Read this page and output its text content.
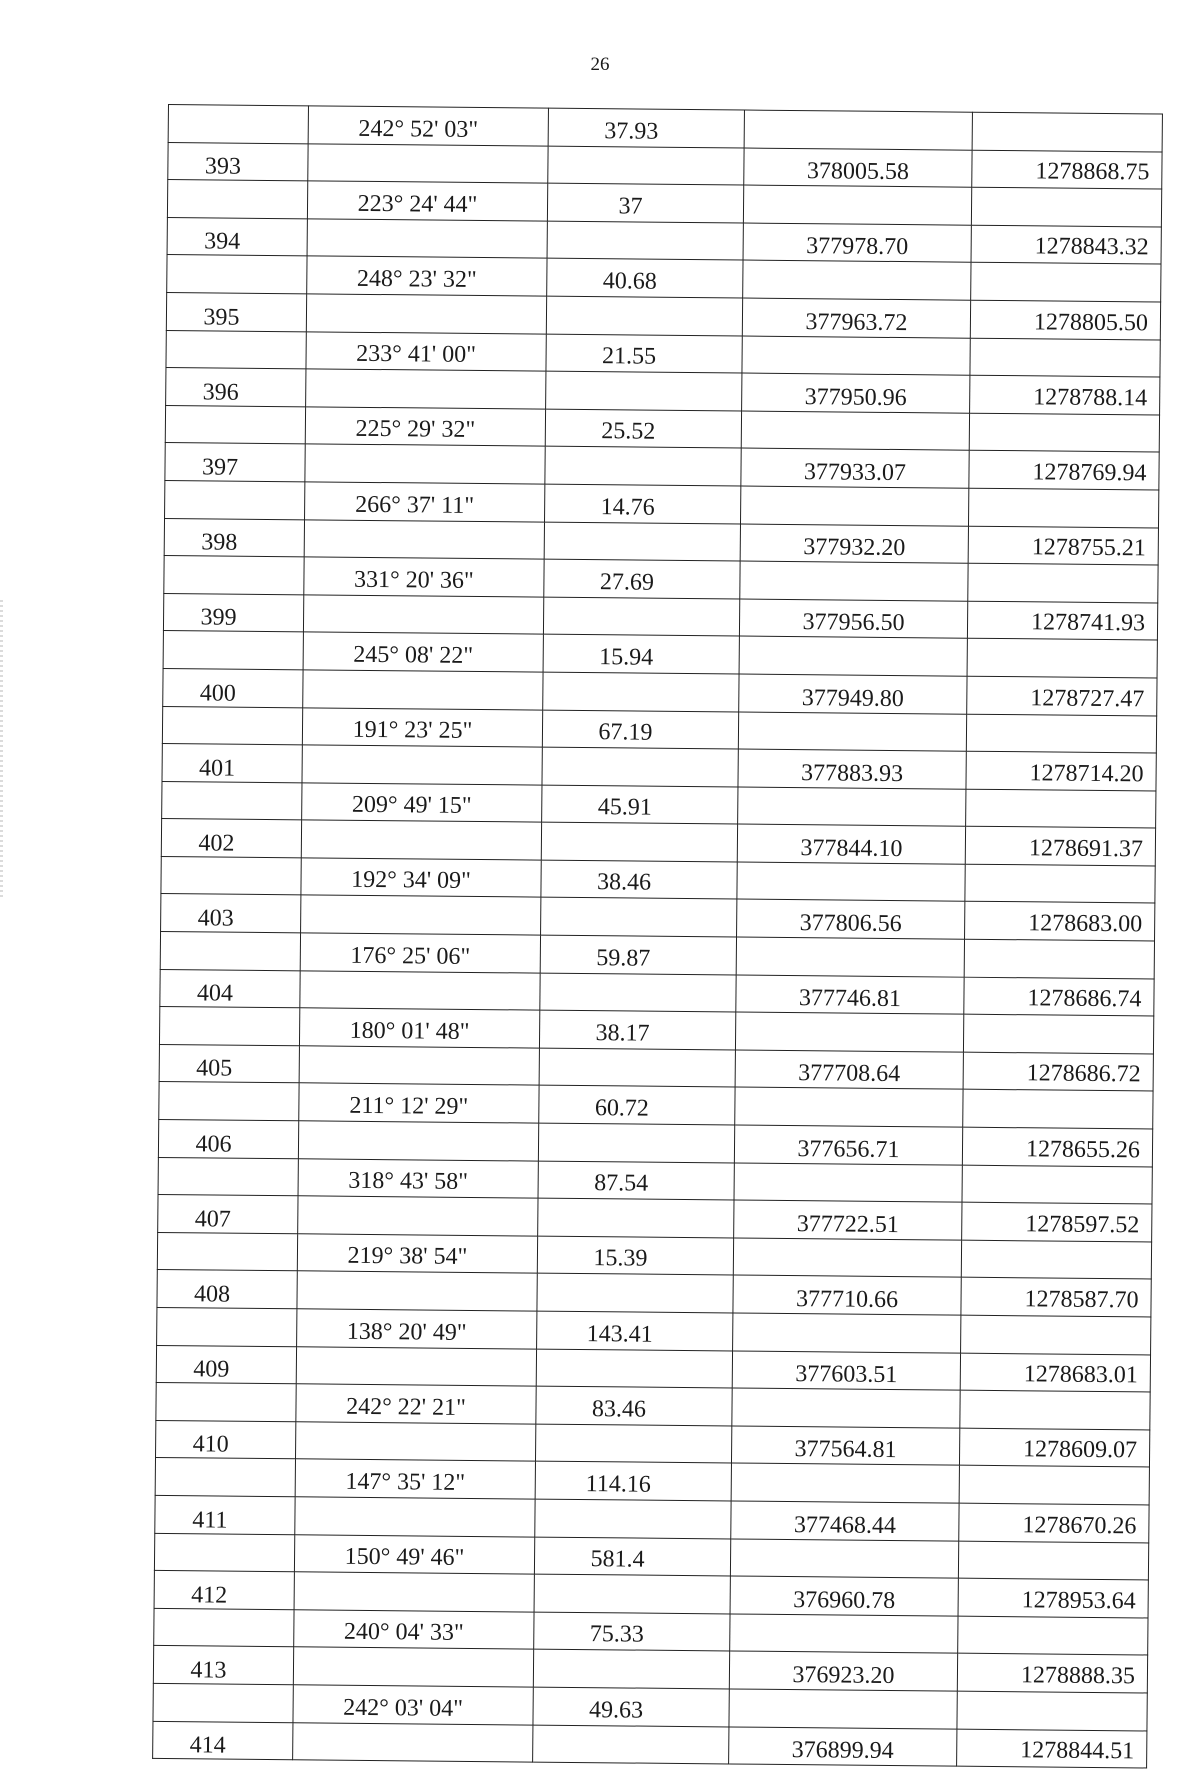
26
	242° 52' 03"	37.93		
393			378005.58	1278868.75
	223° 24' 44"	37		
394			377978.70	1278843.32
	248° 23' 32"	40.68		
395			377963.72	1278805.50
	233° 41' 00"	21.55		
396			377950.96	1278788.14
	225° 29' 32"	25.52		
397			377933.07	1278769.94
	266° 37' 11"	14.76		
398			377932.20	1278755.21
	331° 20' 36"	27.69		
399			377956.50	1278741.93
	245° 08' 22"	15.94		
400			377949.80	1278727.47
	191° 23' 25"	67.19		
401			377883.93	1278714.20
	209° 49' 15"	45.91		
402			377844.10	1278691.37
	192° 34' 09"	38.46		
403			377806.56	1278683.00
	176° 25' 06"	59.87		
404			377746.81	1278686.74
	180° 01' 48"	38.17		
405			377708.64	1278686.72
	211° 12' 29"	60.72		
406			377656.71	1278655.26
	318° 43' 58"	87.54		
407			377722.51	1278597.52
	219° 38' 54"	15.39		
408			377710.66	1278587.70
	138° 20' 49"	143.41		
409			377603.51	1278683.01
	242° 22' 21"	83.46		
410			377564.81	1278609.07
	147° 35' 12"	114.16		
411			377468.44	1278670.26
	150° 49' 46"	581.4		
412			376960.78	1278953.64
	240° 04' 33"	75.33		
413			376923.20	1278888.35
	242° 03' 04"	49.63		
414			376899.94	1278844.51
